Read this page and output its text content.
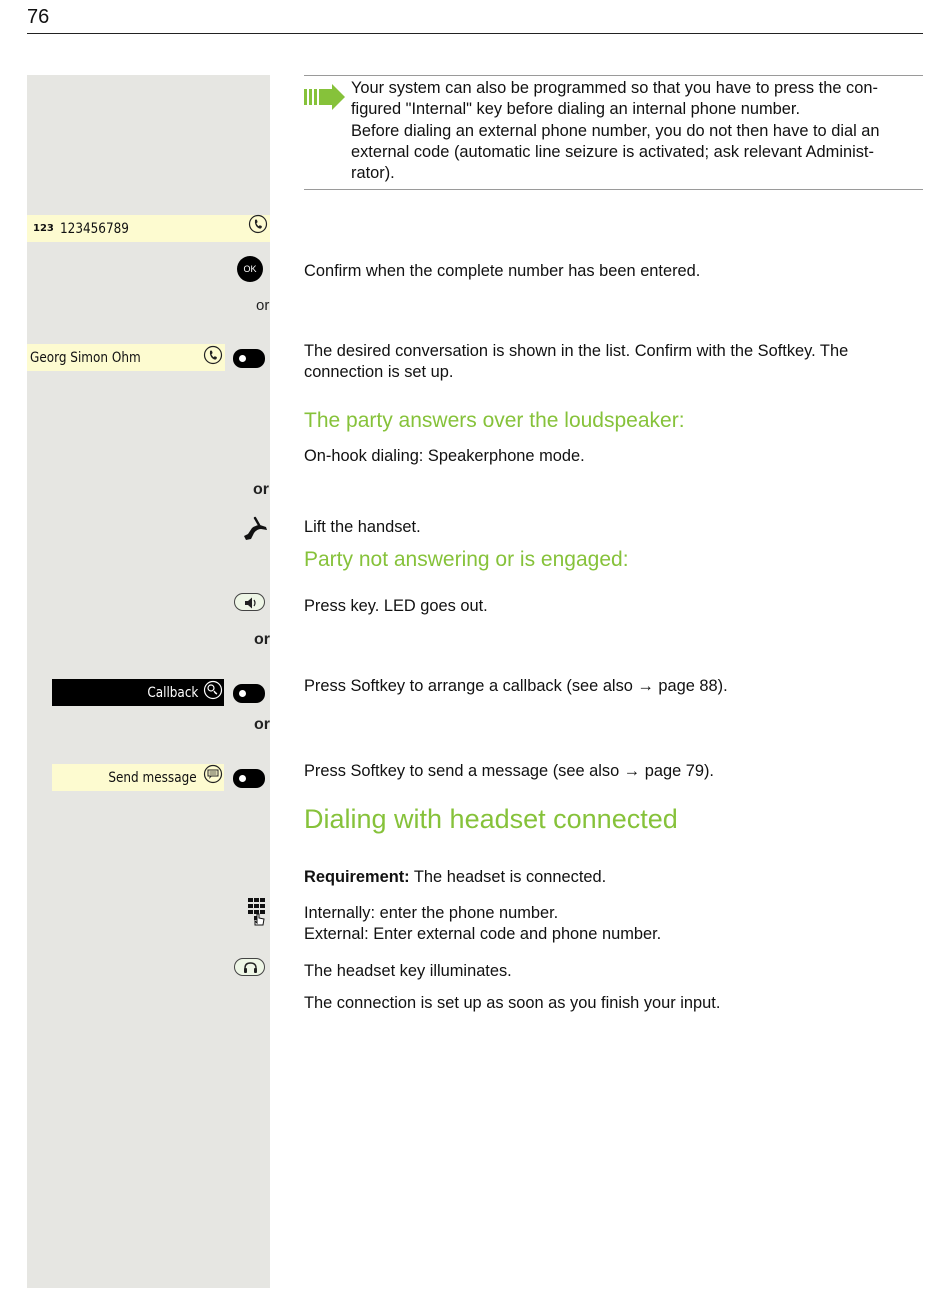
76
Your system can also be programmed so that you have to press the con-
figured "Internal" key before dialing an internal phone number.
Before dialing an external phone number, you do not then have to dial an
external code (automatic line seizure is activated; ask relevant Administ-
rator).
123 123456789
OK	Confirm when the complete number has been entered.
or
Georg Simon Ohm	The desired conversation is shown in the list. Confirm with the Softkey. The
connection is set up.
The party answers over the loudspeaker:
On-hook dialing: Speakerphone mode.
or
Lift the handset.
Party not answering or is engaged:
Press key. LED goes out.
or
Callback	Press Softkey to arrange a callback (see also → page 88).
or
Send message	Press Softkey to send a message (see also → page 79).
Dialing with headset connected
Requirement: The headset is connected.
Internally: enter the phone number.
External: Enter external code and phone number.
The headset key illuminates.
The connection is set up as soon as you finish your input.
